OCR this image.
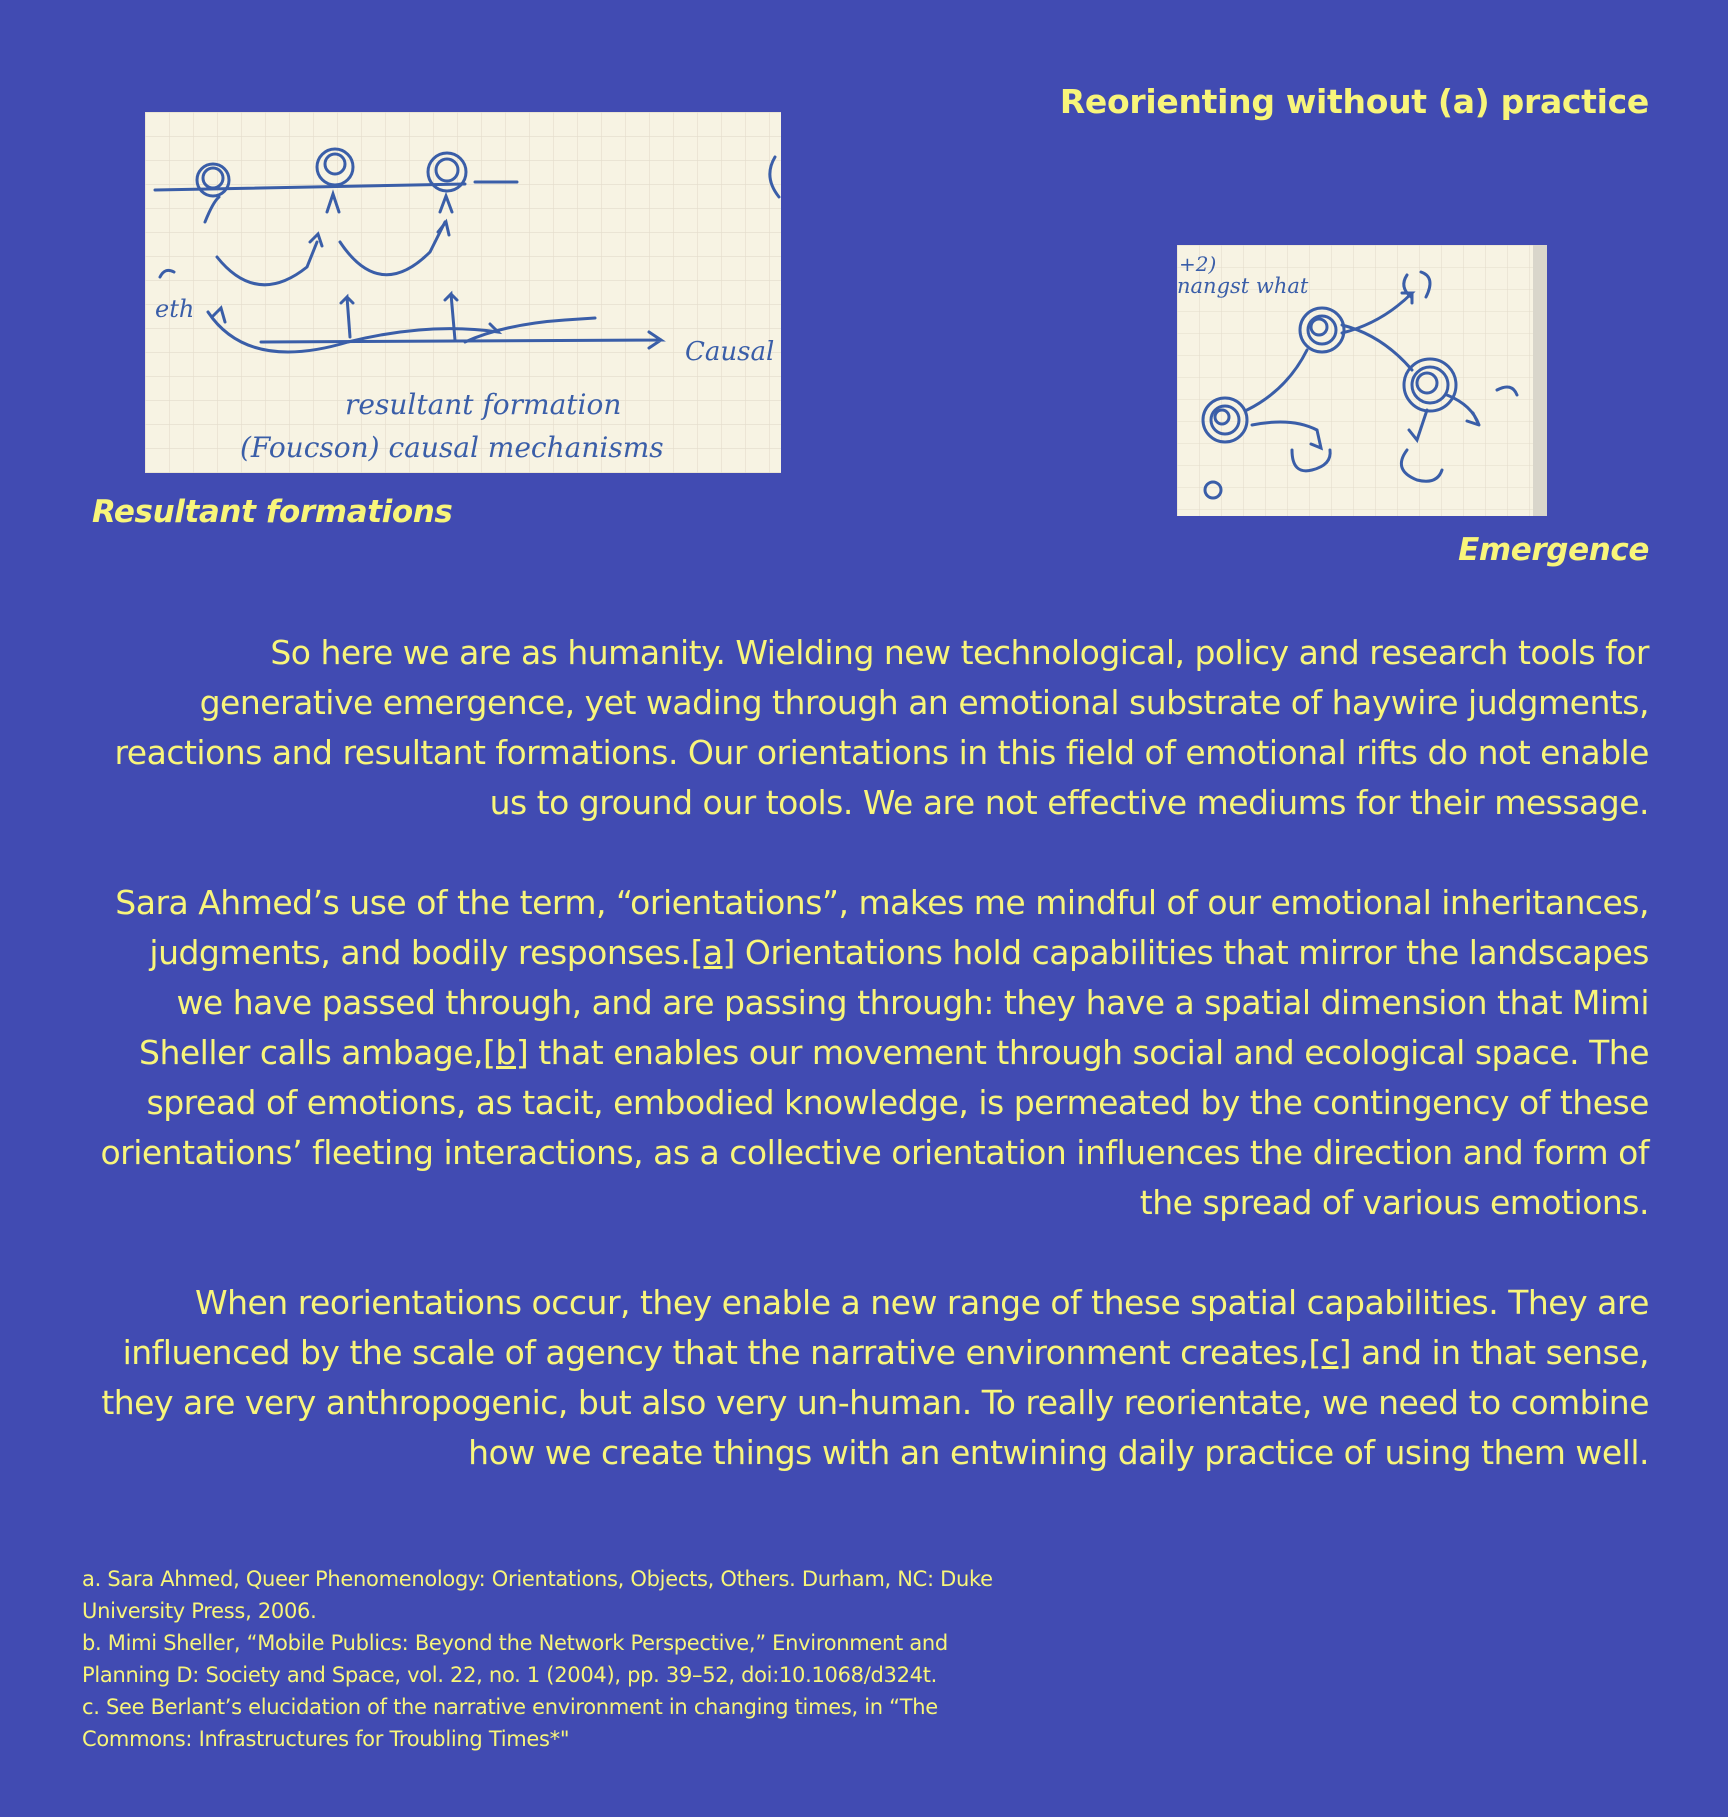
Reorienting without (a) practice
eth
Causal
resultant formation
(Foucson) causal mechanisms
Resultant formations
+2)
nangst what
Emergence

So here we are as humanity. Wielding new technological, policy and research tools for generative emergence, yet wading through an emotional substrate of haywire judgments, reactions and resultant formations. Our orientations in this field of emotional rifts do not enable us to ground our tools. We are not effective mediums for their message.

Sara Ahmed’s use of the term, “orientations”, makes me mindful of our emotional inheritances, judgments, and bodily responses.[a] Orientations hold capabilities that mirror the landscapes we have passed through, and are passing through: they have a spatial dimension that Mimi Sheller calls ambage,[b] that enables our movement through social and ecological space. The spread of emotions, as tacit, embodied knowledge, is permeated by the contingency of these orientations’ fleeting interactions, as a collective orientation influences the direction and form of the spread of various emotions.

When reorientations occur, they enable a new range of these spatial capabilities. They are influenced by the scale of agency that the narrative environment creates,[c] and in that sense, they are very anthropogenic, but also very un-human. To really reorientate, we need to combine how we create things with an entwining daily practice of using them well.

a. Sara Ahmed, Queer Phenomenology: Orientations, Objects, Others. Durham, NC: Duke University Press, 2006.
b. Mimi Sheller, “Mobile Publics: Beyond the Network Perspective,” Environment and Planning D: Society and Space, vol. 22, no. 1 (2004), pp. 39–52, doi:10.1068/d324t.
c. See Berlant’s elucidation of the narrative environment in changing times, in “The Commons: Infrastructures for Troubling Times*"
